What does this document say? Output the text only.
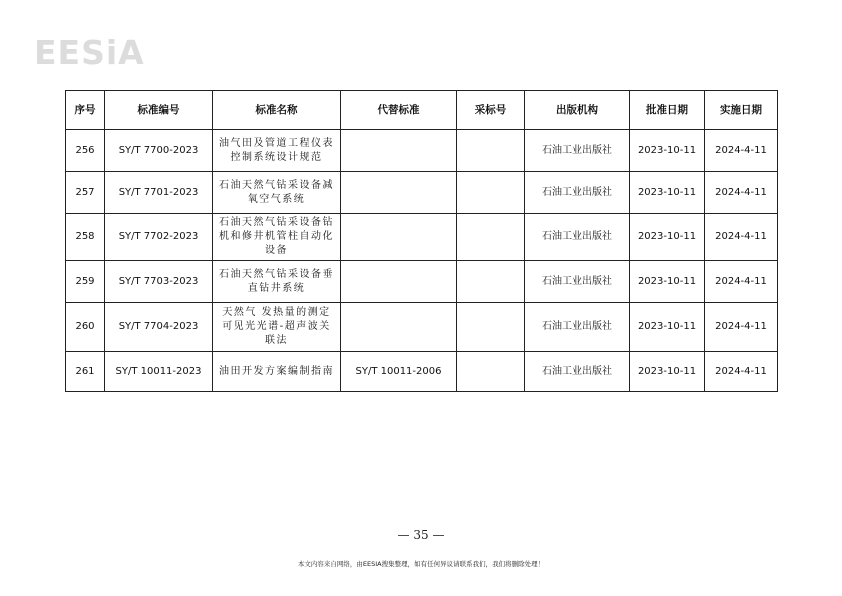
EESiA
序号	标准编号	标准名称	代替标准	采标号	出版机构	批准日期	实施日期
256	SY/T 7700-2023	油气田及管道工程仪表控制系统设计规范			石油工业出版社	2023-10-11	2024-4-11
257	SY/T 7701-2023	石油天然气钻采设备减氧空气系统			石油工业出版社	2023-10-11	2024-4-11
258	SY/T 7702-2023	石油天然气钻采设备钻机和修井机管柱自动化设备			石油工业出版社	2023-10-11	2024-4-11
259	SY/T 7703-2023	石油天然气钻采设备垂直钻井系统			石油工业出版社	2023-10-11	2024-4-11
260	SY/T 7704-2023	天然气 发热量的测定 可见光光谱-超声波关联法			石油工业出版社	2023-10-11	2024-4-11
261	SY/T 10011-2023	油田开发方案编制指南	SY/T 10011-2006		石油工业出版社	2023-10-11	2024-4-11
— 35 —
本文内容来自网络，由EESIA搜集整理，如有任何异议请联系我们，我们将删除处理！
